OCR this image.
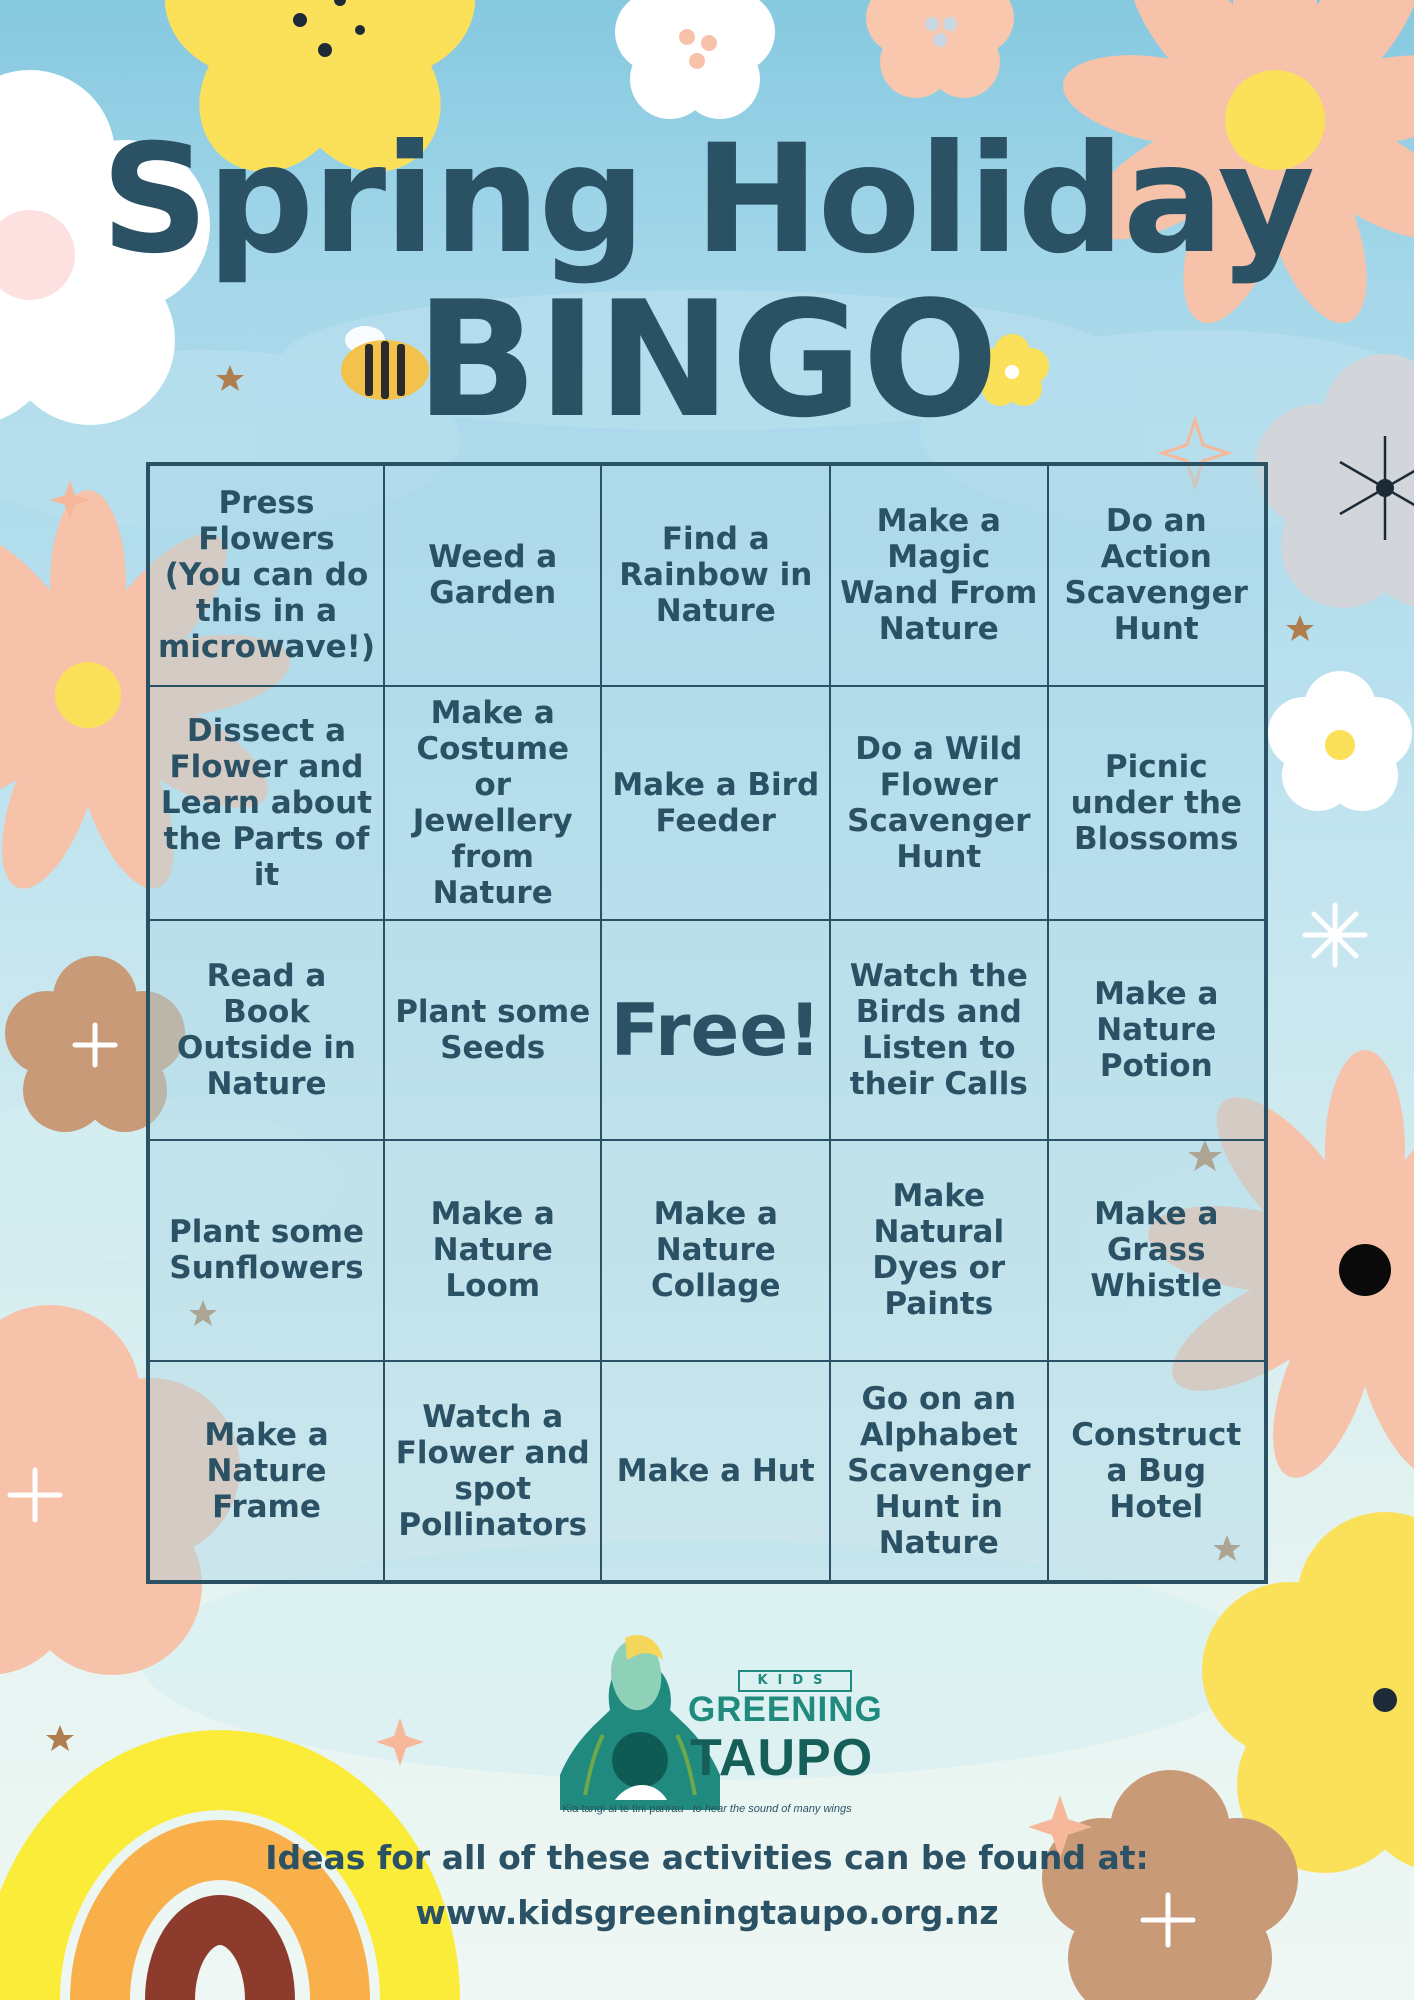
Spring Holiday
BINGO
Press Flowers (You can do this in a microwave!)
Weed a Garden
Find a Rainbow in Nature
Make a Magic Wand From Nature
Do an Action Scavenger Hunt
Dissect a Flower and Learn about the Parts of it
Make a Costume or Jewellery from Nature
Make a Bird Feeder
Do a Wild Flower Scavenger Hunt
Picnic under the Blossoms
Read a Book Outside in Nature
Plant some Seeds Free!
Watch the Birds and Listen to their Calls
Make a Nature Potion
Plant some Sunflowers
Make a Nature Loom
Make a Nature Collage
Make Natural Dyes or Paints
Make a Grass Whistle
Make a Nature Frame
Watch a Flower and spot Pollinators
Make a Hut
Go on an Alphabet Scavenger Hunt in Nature
Construct a Bug Hotel
KIDS
GREENING
TAUPO
Kia tangi ai te tini parirau to hear the sound of many wings
Ideas for all of these activities can be found at:
www.kidsgreeningtaupo.org.nz
